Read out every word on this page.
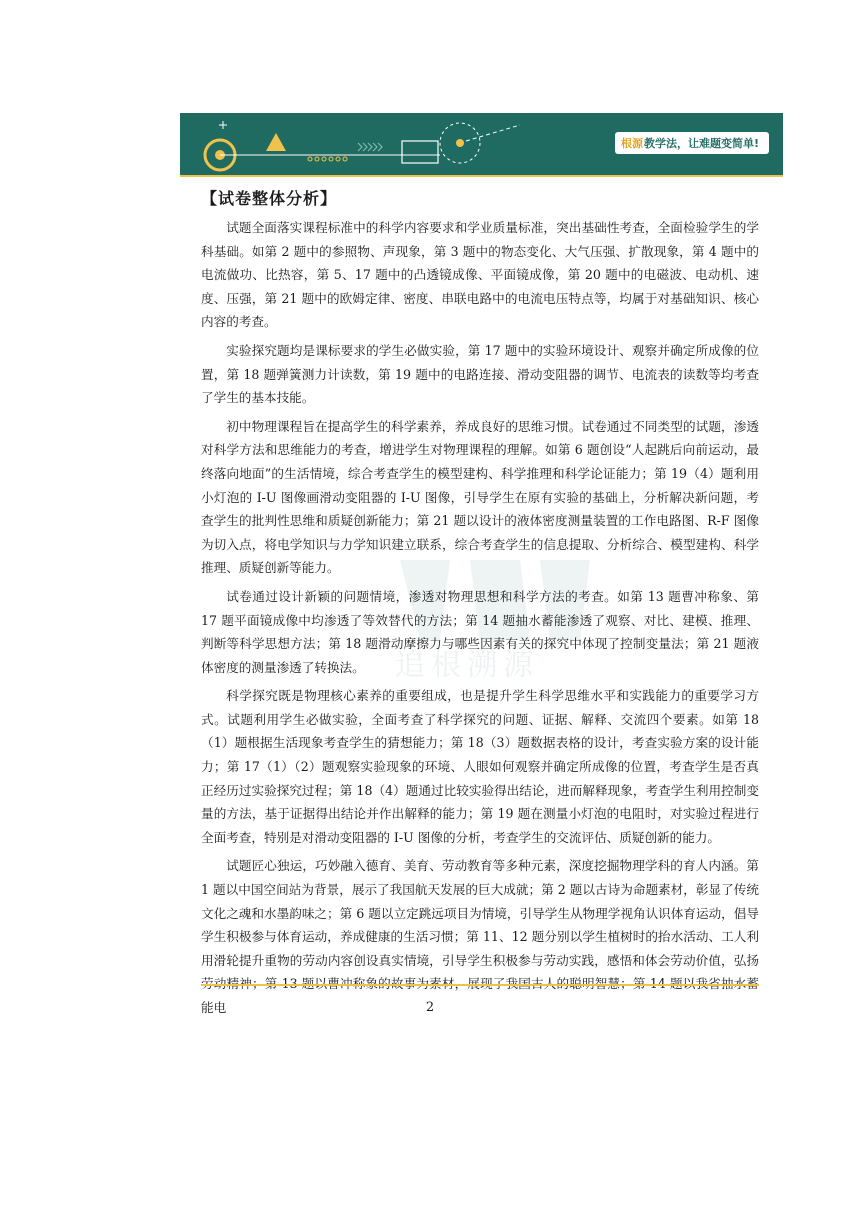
根源 教学法，让难题变简单!
追根溯源
【试卷整体分析】

试题全面落实课程标准中的科学内容要求和学业质量标准，突出基础性考查，全面检验学生的学科基础。如第 2 题中的参照物、声现象，第 3 题中的物态变化、大气压强、扩散现象，第 4 题中的电流做功、比热容，第 5、17 题中的凸透镜成像、平面镜成像，第 20 题中的电磁波、电动机、速度、压强，第 21 题中的欧姆定律、密度、串联电路中的电流电压特点等，均属于对基础知识、核心内容的考查。

实验探究题均是课标要求的学生必做实验，第 17 题中的实验环境设计、观察并确定所成像的位置，第 18 题弹簧测力计读数，第 19 题中的电路连接、滑动变阻器的调节、电流表的读数等均考查了学生的基本技能。

初中物理课程旨在提高学生的科学素养，养成良好的思维习惯。试卷通过不同类型的试题，渗透对科学方法和思维能力的考查，增进学生对物理课程的理解。如第 6 题创设“人起跳后向前运动，最终落向地面”的生活情境，综合考查学生的模型建构、科学推理和科学论证能力；第 19（4）题利用小灯泡的 I-U 图像画滑动变阻器的 I-U 图像，引导学生在原有实验的基础上，分析解决新问题，考查学生的批判性思维和质疑创新能力；第 21 题以设计的液体密度测量装置的工作电路图、R-F 图像为切入点，将电学知识与力学知识建立联系，综合考查学生的信息提取、分析综合、模型建构、科学推理、质疑创新等能力。

试卷通过设计新颖的问题情境，渗透对物理思想和科学方法的考查。如第 13 题曹冲称象、第 17 题平面镜成像中均渗透了等效替代的方法；第 14 题抽水蓄能渗透了观察、对比、建模、推理、判断等科学思想方法；第 18 题滑动摩擦力与哪些因素有关的探究中体现了控制变量法；第 21 题液体密度的测量渗透了转换法。

科学探究既是物理核心素养的重要组成，也是提升学生科学思维水平和实践能力的重要学习方式。试题利用学生必做实验，全面考查了科学探究的问题、证据、解释、交流四个要素。如第 18（1）题根据生活现象考查学生的猜想能力；第 18（3）题数据表格的设计，考查实验方案的设计能力；第 17（1）（2）题观察实验现象的环境、人眼如何观察并确定所成像的位置，考查学生是否真正经历过实验探究过程；第 18（4）题通过比较实验得出结论，进而解释现象，考查学生利用控制变量的方法，基于证据得出结论并作出解释的能力；第 19 题在测量小灯泡的电阻时，对实验过程进行全面考查，特别是对滑动变阻器的 I-U 图像的分析，考查学生的交流评估、质疑创新的能力。

试题匠心独运，巧妙融入德育、美育、劳动教育等多种元素，深度挖掘物理学科的育人内涵。第 1 题以中国空间站为背景，展示了我国航天发展的巨大成就；第 2 题以古诗为命题素材，彰显了传统文化之魂和水墨韵味之；第 6 题以立定跳远项目为情境，引导学生从物理学视角认识体育运动，倡导学生积极参与体育运动，养成健康的生活习惯；第 11、12 题分别以学生植树时的抬水活动、工人利用滑轮提升重物的劳动内容创设真实情境，引导学生积极参与劳动实践，感悟和体会劳动价值，弘扬 能电	2
